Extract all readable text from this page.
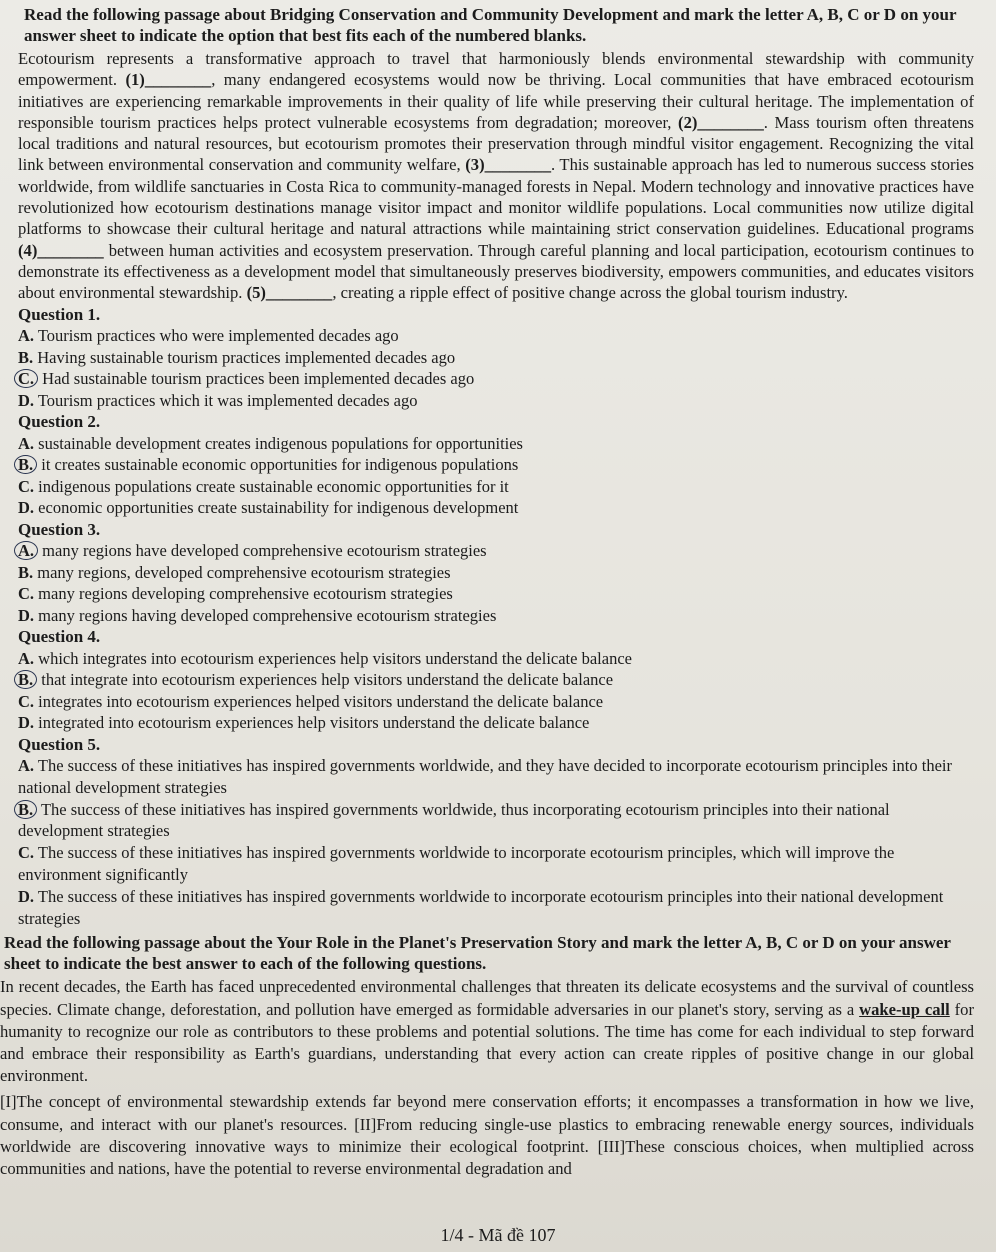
Read the following passage about Bridging Conservation and Community Development and mark the letter A, B, C or D on your answer sheet to indicate the option that best fits each of the numbered blanks.

Ecotourism represents a transformative approach to travel that harmoniously blends environmental stewardship with community empowerment. (1)________, many endangered ecosystems would now be thriving. Local communities that have embraced ecotourism initiatives are experiencing remarkable improvements in their quality of life while preserving their cultural heritage. The implementation of responsible tourism practices helps protect vulnerable ecosystems from degradation; moreover, (2)________. Mass tourism often threatens local traditions and natural resources, but ecotourism promotes their preservation through mindful visitor engagement. Recognizing the vital link between environmental conservation and community welfare, (3)________. This sustainable approach has led to numerous success stories worldwide, from wildlife sanctuaries in Costa Rica to community-managed forests in Nepal. Modern technology and innovative practices have revolutionized how ecotourism destinations manage visitor impact and monitor wildlife populations. Local communities now utilize digital platforms to showcase their cultural heritage and natural attractions while maintaining strict conservation guidelines. Educational programs (4)________ between human activities and ecosystem preservation. Through careful planning and local participation, ecotourism continues to demonstrate its effectiveness as a development model that simultaneously preserves biodiversity, empowers communities, and educates visitors about environmental stewardship. (5)________, creating a ripple effect of positive change across the global tourism industry.

Question 1.

A. Tourism practices who were implemented decades ago

B. Having sustainable tourism practices implemented decades ago

C. Had sustainable tourism practices been implemented decades ago

D. Tourism practices which it was implemented decades ago

Question 2.

A. sustainable development creates indigenous populations for opportunities

B. it creates sustainable economic opportunities for indigenous populations

C. indigenous populations create sustainable economic opportunities for it

D. economic opportunities create sustainability for indigenous development

Question 3.

A. many regions have developed comprehensive ecotourism strategies

B. many regions, developed comprehensive ecotourism strategies

C. many regions developing comprehensive ecotourism strategies

D. many regions having developed comprehensive ecotourism strategies

Question 4.

A. which integrates into ecotourism experiences help visitors understand the delicate balance

B. that integrate into ecotourism experiences help visitors understand the delicate balance

C. integrates into ecotourism experiences helped visitors understand the delicate balance

D. integrated into ecotourism experiences help visitors understand the delicate balance

Question 5.

A. The success of these initiatives has inspired governments worldwide, and they have decided to incorporate ecotourism principles into their national development strategies

B. The success of these initiatives has inspired governments worldwide, thus incorporating ecotourism principles into their national development strategies

C. The success of these initiatives has inspired governments worldwide to incorporate ecotourism principles, which will improve the environment significantly

D. The success of these initiatives has inspired governments worldwide to incorporate ecotourism principles into their national development strategies

Read the following passage about the Your Role in the Planet's Preservation Story and mark the letter A, B, C or D on your answer sheet to indicate the best answer to each of the following questions.

In recent decades, the Earth has faced unprecedented environmental challenges that threaten its delicate ecosystems and the survival of countless species. Climate change, deforestation, and pollution have emerged as formidable adversaries in our planet's story, serving as a wake-up call for humanity to recognize our role as contributors to these problems and potential solutions. The time has come for each individual to step forward and embrace their responsibility as Earth's guardians, understanding that every action can create ripples of positive change in our global environment.

[I]The concept of environmental stewardship extends far beyond mere conservation efforts; it encompasses a transformation in how we live, consume, and interact with our planet's resources. [II]From reducing single-use plastics to embracing renewable energy sources, individuals worldwide are discovering innovative ways to minimize their ecological footprint. [III]These conscious choices, when multiplied across communities and nations, have the potential to reverse environmental degradation and

1/4 - Mã đề 107
